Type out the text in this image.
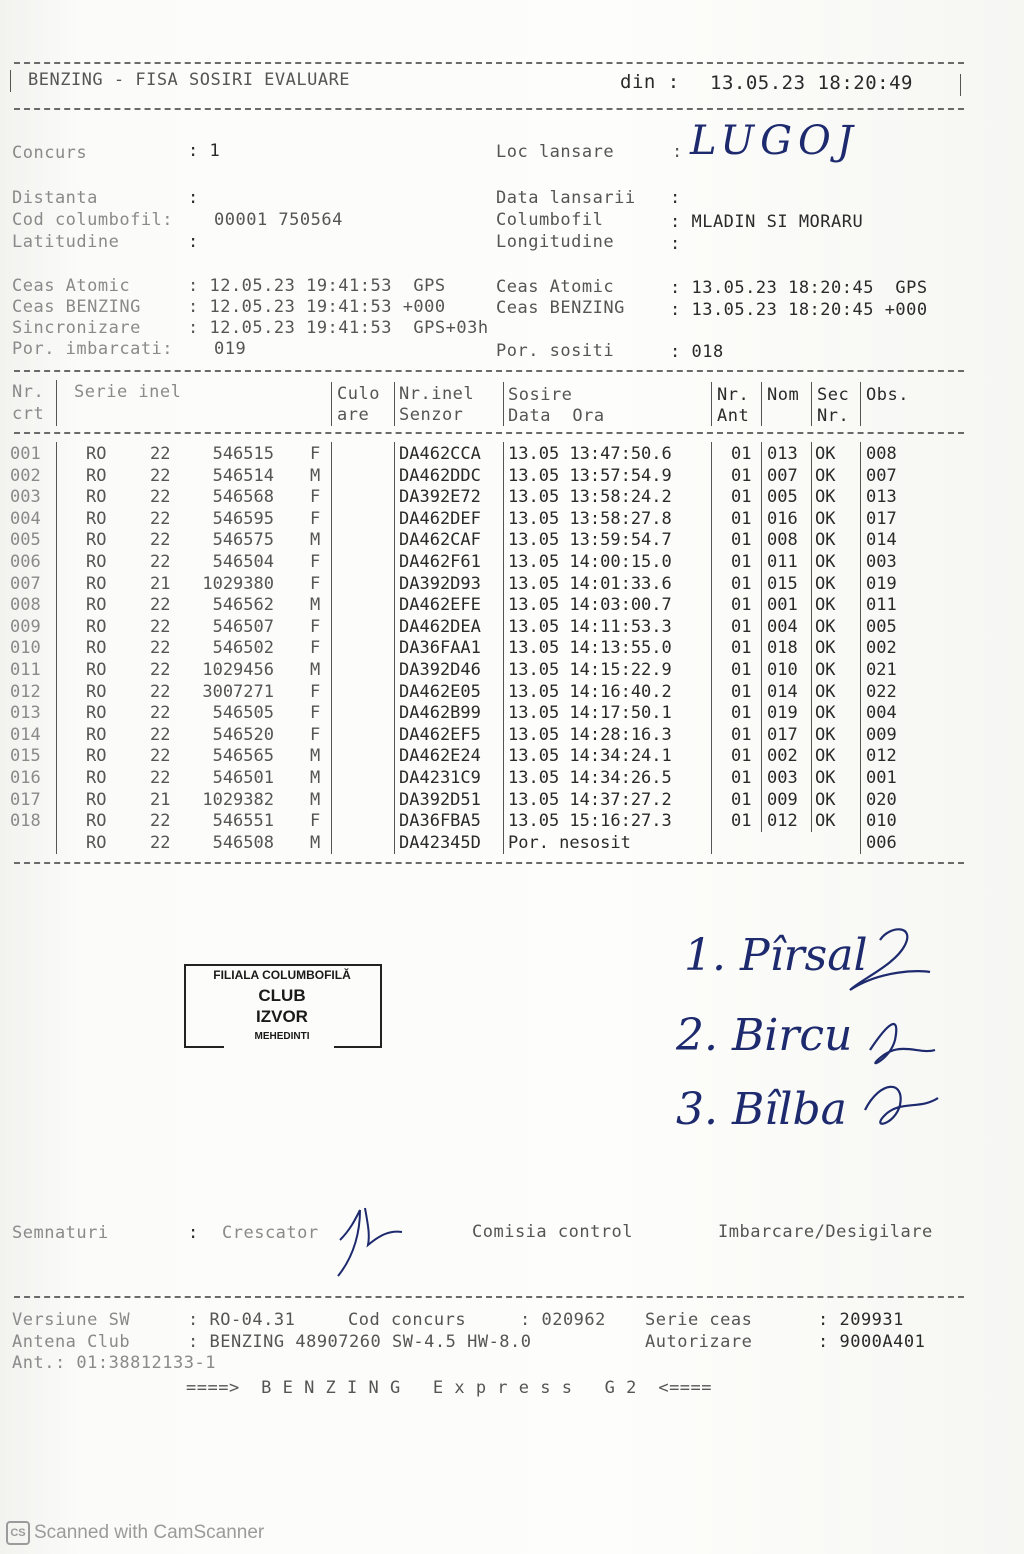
BENZING - FISA SOSIRI EVALUARE	din : 13.05.23 18:20:49
Concurs	: 1	Loc lansare	: LUGOJ
Distanta	:	Data lansarii :
Cod columbofil: 00001 750564	Columbofil	: MLADIN SI MORARU
Latitudine	:	Longitudine	:
Ceas Atomic	: 12.05.23 19:41:53  GPS
Ceas BENZING	: 12.05.23 19:41:53 +000
Sincronizare	: 12.05.23 19:41:53  GPS+03h
Por. imbarcati: 019
Ceas Atomic	: 13.05.23 18:20:45  GPS
Ceas BENZING	: 13.05.23 18:20:45 +000
Por. sositi	: 018
Nr.
crt
Serie inel	Culo
are
Nr.inel
Senzor
Sosire
Data  Ora
Nr.
Ant
Nom Sec
Nr.
Obs.
001	RO	22	546515 F	DA462CCA 13.05 13:47:50.6	01 013 OK 008
002	RO	22	546514 M	DA462DDC 13.05 13:57:54.9	01 007 OK 007
003	RO	22	546568 F	DA392E72 13.05 13:58:24.2	01 005 OK 013
004	RO	22	546595 F	DA462DEF 13.05 13:58:27.8	01 016 OK 017
005	RO	22	546575 M	DA462CAF 13.05 13:59:54.7	01 008 OK 014
006	RO	22	546504 F	DA462F61 13.05 14:00:15.0	01 011 OK 003
007	RO	21	1029380 F	DA392D93 13.05 14:01:33.6	01 015 OK 019
008	RO	22	546562 M	DA462EFE 13.05 14:03:00.7	01 001 OK 011
009	RO	22	546507 F	DA462DEA 13.05 14:11:53.3	01 004 OK 005
010	RO	22	546502 F	DA36FAA1 13.05 14:13:55.0	01 018 OK 002
011	RO	22	1029456 M	DA392D46 13.05 14:15:22.9	01 010 OK 021
012	RO	22	3007271 F	DA462E05 13.05 14:16:40.2	01 014 OK 022
013	RO	22	546505 F	DA462B99 13.05 14:17:50.1	01 019 OK 004
014	RO	22	546520 F	DA462EF5 13.05 14:28:16.3	01 017 OK 009
015	RO	22	546565 M	DA462E24 13.05 14:34:24.1	01 002 OK 012
016	RO	22	546501 M	DA4231C9 13.05 14:34:26.5	01 003 OK 001
017	RO	21	1029382 M	DA392D51 13.05 14:37:27.2	01 009 OK 020
018	RO	22	546551 F	DA36FBA5 13.05 15:16:27.3	01 012 OK 010
RO	22	546508 M	DA42345D Por. nesosit	006
FILIALA COLUMBOFILĂ
CLUB
IZVOR
MEHEDINTI
1. Pîrsal
2. Bircu
3. Bîlba
Semnaturi	: Crescator	Comisia control	Imbarcare/Desigilare
Versiune SW	: RO-04.31	Cod concurs	: 020962 Serie ceas	: 209931
Antena Club	: BENZING 48907260 SW-4.5 HW-8.0	Autorizare	: 9000A401
Ant.: 01:38812133-1
====>  B E N Z I N G   E x p r e s s   G 2  <====
CS Scanned with CamScanner
